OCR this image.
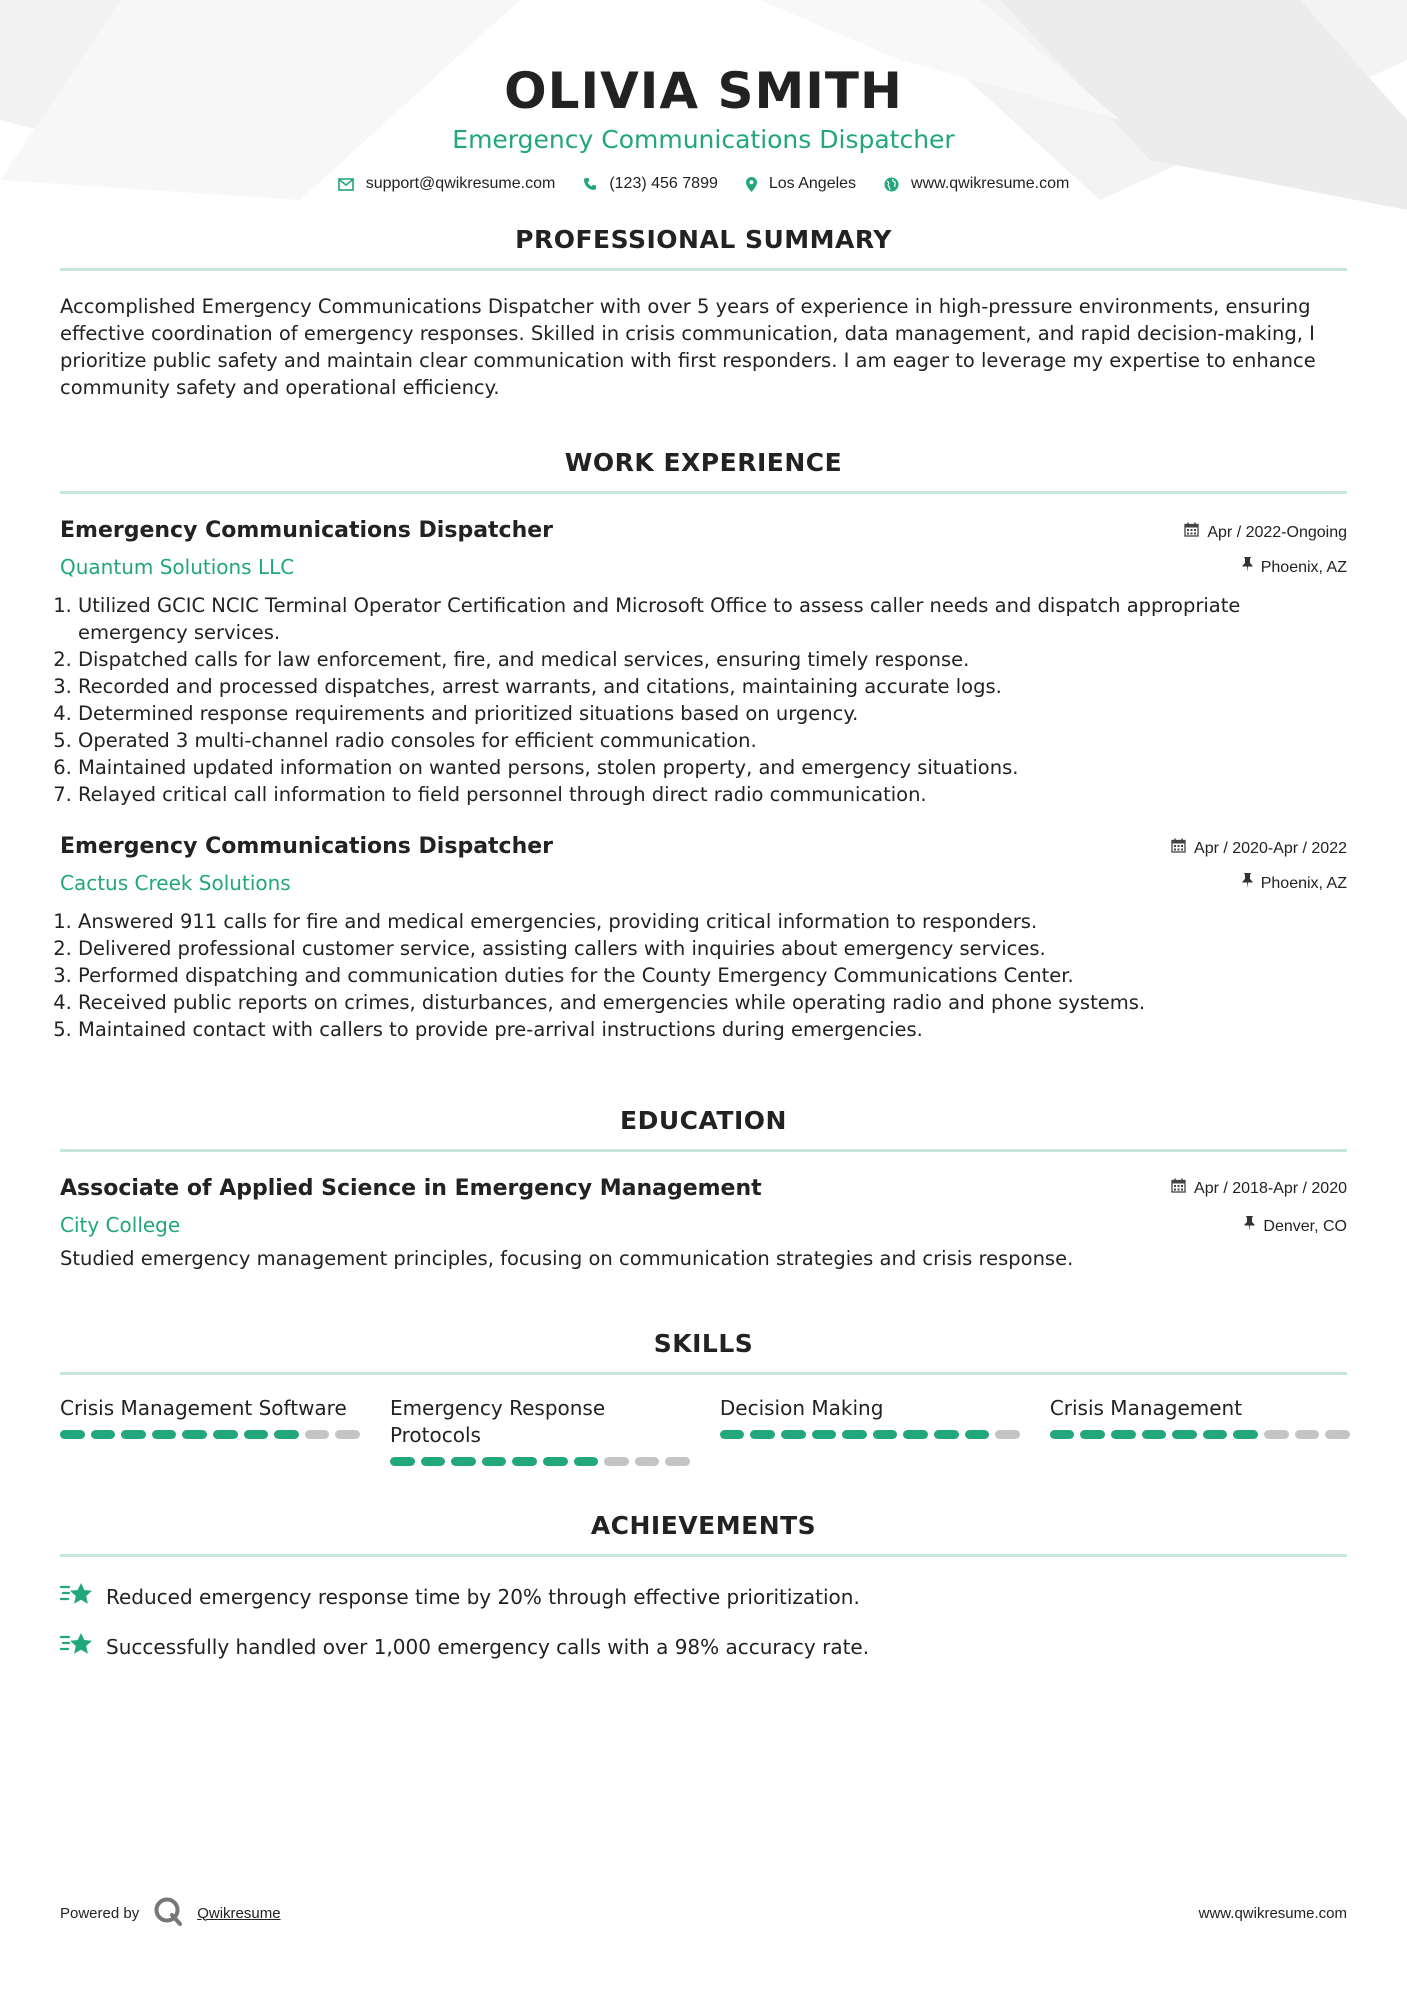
OLIVIA SMITH
Emergency Communications Dispatcher
support@qwikresume.com	(123) 456 7899	Los Angeles	www.qwikresume.com
PROFESSIONAL SUMMARY

Accomplished Emergency Communications Dispatcher with over 5 years of experience in high-pressure environments, ensuring effective coordination of emergency responses. Skilled in crisis communication, data management, and rapid decision-making, I prioritize public safety and maintain clear communication with first responders. I am eager to leverage my expertise to enhance community safety and operational efficiency.

WORK EXPERIENCE
Emergency Communications Dispatcher
Quantum Solutions LLC
Apr / 2022-Ongoing
Phoenix, AZ
1. Utilized GCIC NCIC Terminal Operator Certification and Microsoft Office to assess caller needs and dispatch appropriate emergency services.
2. Dispatched calls for law enforcement, fire, and medical services, ensuring timely response.
3. Recorded and processed dispatches, arrest warrants, and citations, maintaining accurate logs.
4. Determined response requirements and prioritized situations based on urgency.
5. Operated 3 multi-channel radio consoles for efficient communication.
6. Maintained updated information on wanted persons, stolen property, and emergency situations.
7. Relayed critical call information to field personnel through direct radio communication.
Emergency Communications Dispatcher
Cactus Creek Solutions
Apr / 2020-Apr / 2022
Phoenix, AZ
1. Answered 911 calls for fire and medical emergencies, providing critical information to responders.
2. Delivered professional customer service, assisting callers with inquiries about emergency services.
3. Performed dispatching and communication duties for the County Emergency Communications Center.
4. Received public reports on crimes, disturbances, and emergencies while operating radio and phone systems.
5. Maintained contact with callers to provide pre-arrival instructions during emergencies.
EDUCATION
Associate of Applied Science in Emergency Management
City College
Apr / 2018-Apr / 2020
Denver, CO
Studied emergency management principles, focusing on communication strategies and crisis response.
SKILLS
Crisis Management Software	Emergency Response Protocols
Decision Making	Crisis Management
ACHIEVEMENTS
Reduced emergency response time by 20% through effective prioritization.
Successfully handled over 1,000 emergency calls with a 98% accuracy rate.
Powered by	Qwikresume	www.qwikresume.com
